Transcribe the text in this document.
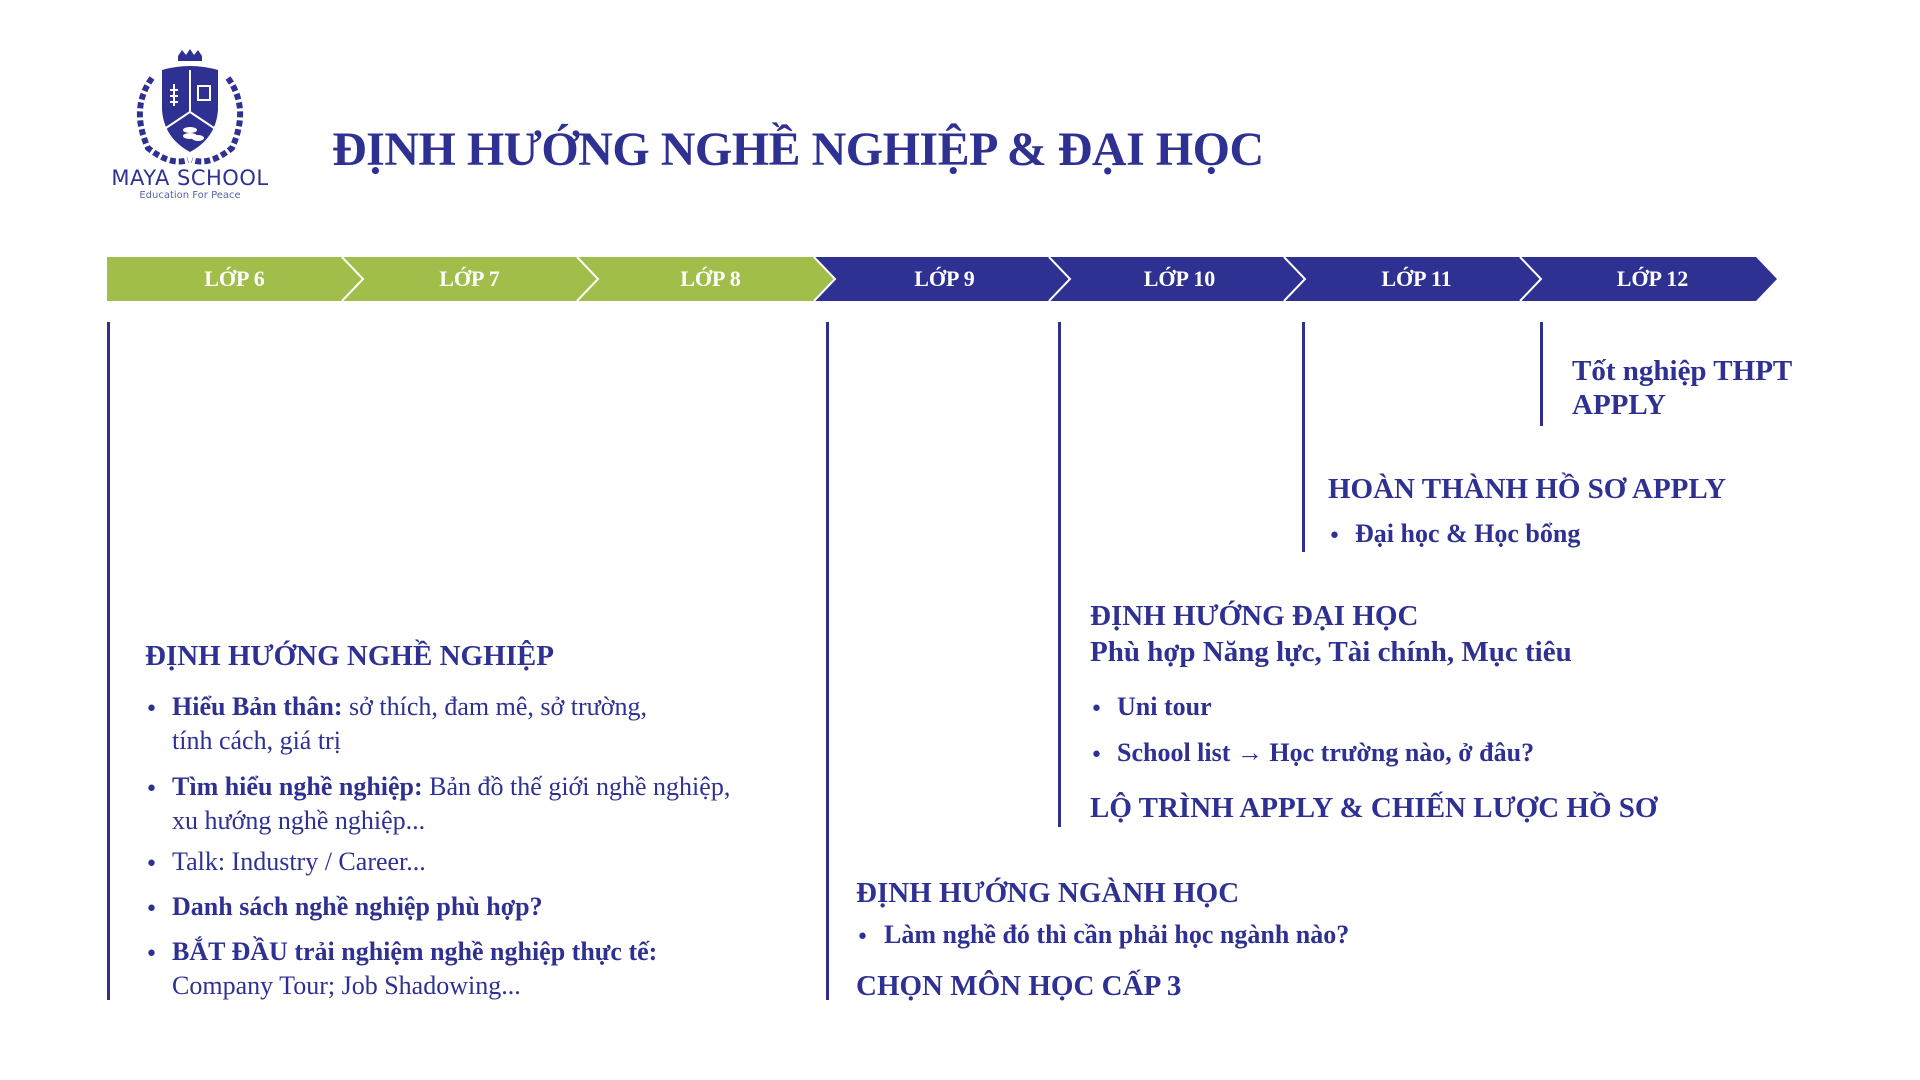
MAYA SCHOOL
Education For Peace
ĐỊNH HƯỚNG NGHỀ NGHIỆP & ĐẠI HỌC
LỚP 6	LỚP 7	LỚP 8	LỚP 9	LỚP 10	LỚP 11	LỚP 12
ĐỊNH HƯỚNG NGHỀ NGHIỆP
• Hiểu Bản thân: sở thích, đam mê, sở trường,
tính cách, giá trị
• Tìm hiểu nghề nghiệp: Bản đồ thế giới nghề nghiệp,
xu hướng nghề nghiệp...
• Talk: Industry / Career...
• Danh sách nghề nghiệp phù hợp?
• BẮT ĐẦU trải nghiệm nghề nghiệp thực tế:
Company Tour; Job Shadowing...
ĐỊNH HƯỚNG NGÀNH HỌC
• Làm nghề đó thì cần phải học ngành nào?
CHỌN MÔN HỌC CẤP 3
ĐỊNH HƯỚNG ĐẠI HỌC
Phù hợp Năng lực, Tài chính, Mục tiêu
• Uni tour
• School list → Học trường nào, ở đâu?
LỘ TRÌNH APPLY & CHIẾN LƯỢC HỒ SƠ
HOÀN THÀNH HỒ SƠ APPLY
• Đại học & Học bổng
Tốt nghiệp THPT
APPLY
